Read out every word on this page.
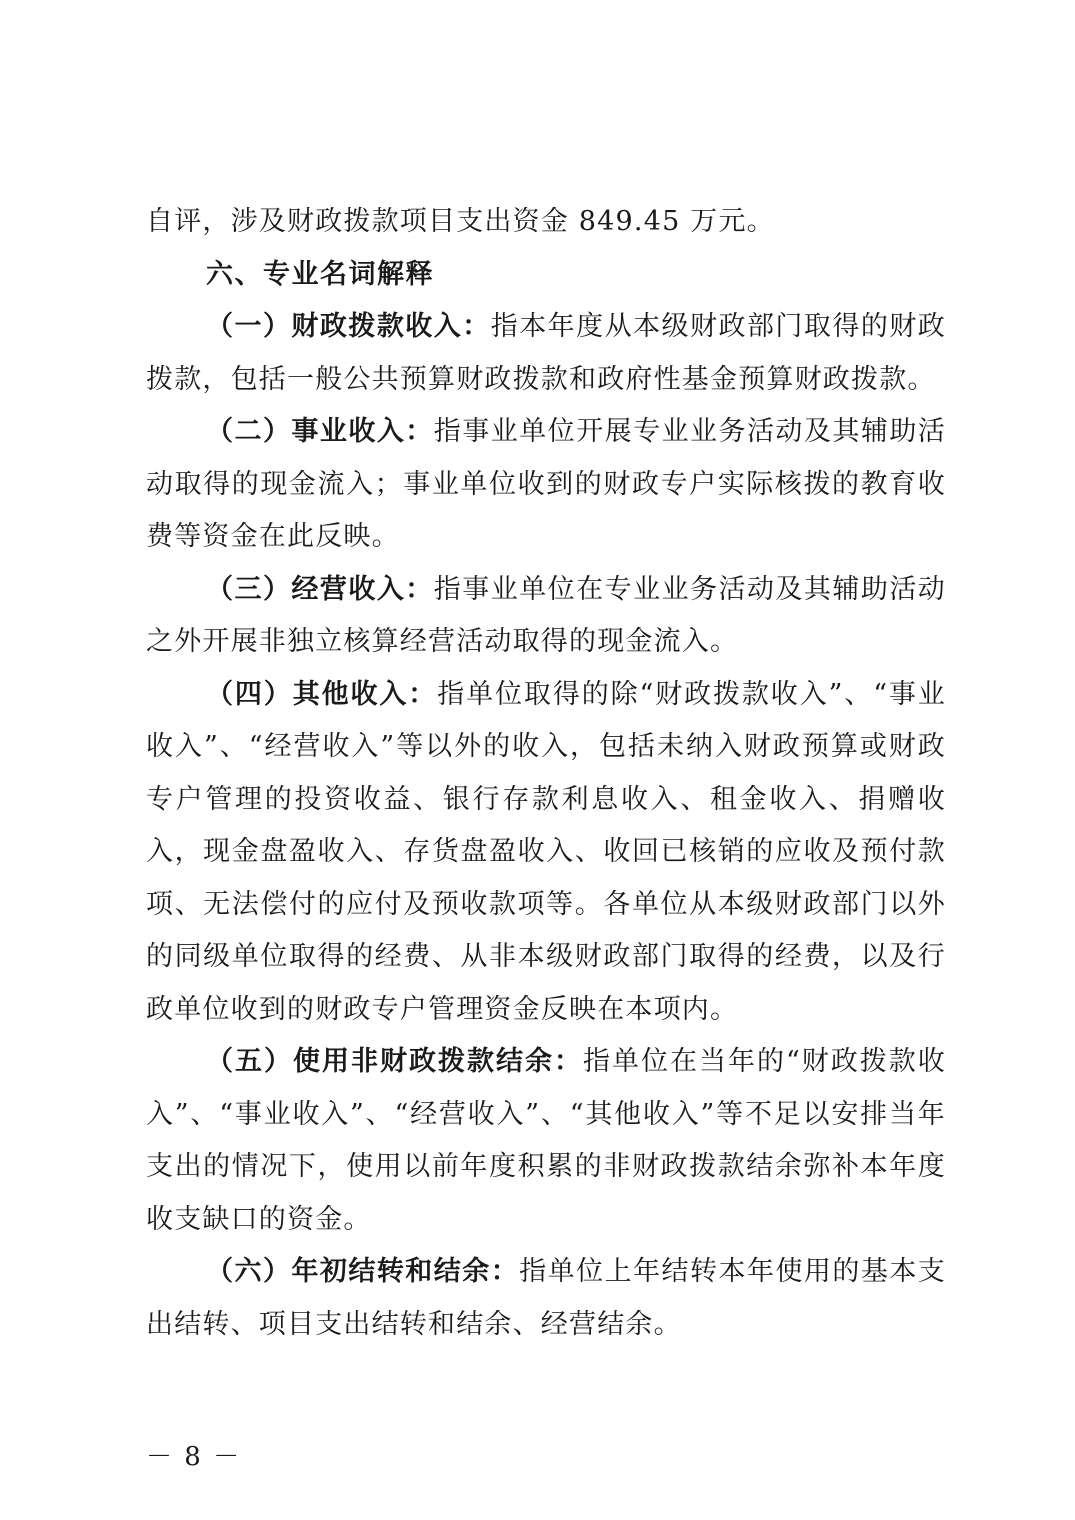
自评，涉及财政拨款项目支出资金 849.45 万元。

六、专业名词解释

（一）财政拨款收入：指本年度从本级财政部门取得的财政拨款，包括一般公共预算财政拨款和政府性基金预算财政拨款。

（二）事业收入：指事业单位开展专业业务活动及其辅助活动取得的现金流入；事业单位收到的财政专户实际核拨的教育收费等资金在此反映。

（三）经营收入：指事业单位在专业业务活动及其辅助活动之外开展非独立核算经营活动取得的现金流入。

（四）其他收入：指单位取得的除“财政拨款收入”、“事业收入”、“经营收入”等以外的收入，包括未纳入财政预算或财政专户管理的投资收益、银行存款利息收入、租金收入、捐赠收入，现金盘盈收入、存货盘盈收入、收回已核销的应收及预付款项、无法偿付的应付及预收款项等。各单位从本级财政部门以外的同级单位取得的经费、从非本级财政部门取得的经费，以及行政单位收到的财政专户管理资金反映在本项内。

（五）使用非财政拨款结余：指单位在当年的“财政拨款收入”、“事业收入”、“经营收入”、“其他收入”等不足以安排当年支出的情况下，使用以前年度积累的非财政拨款结余弥补本年度收支缺口的资金。

（六）年初结转和结余：指单位上年结转本年使用的基本支出结转、项目支出结转和结余、经营结余。

－ 8 －
